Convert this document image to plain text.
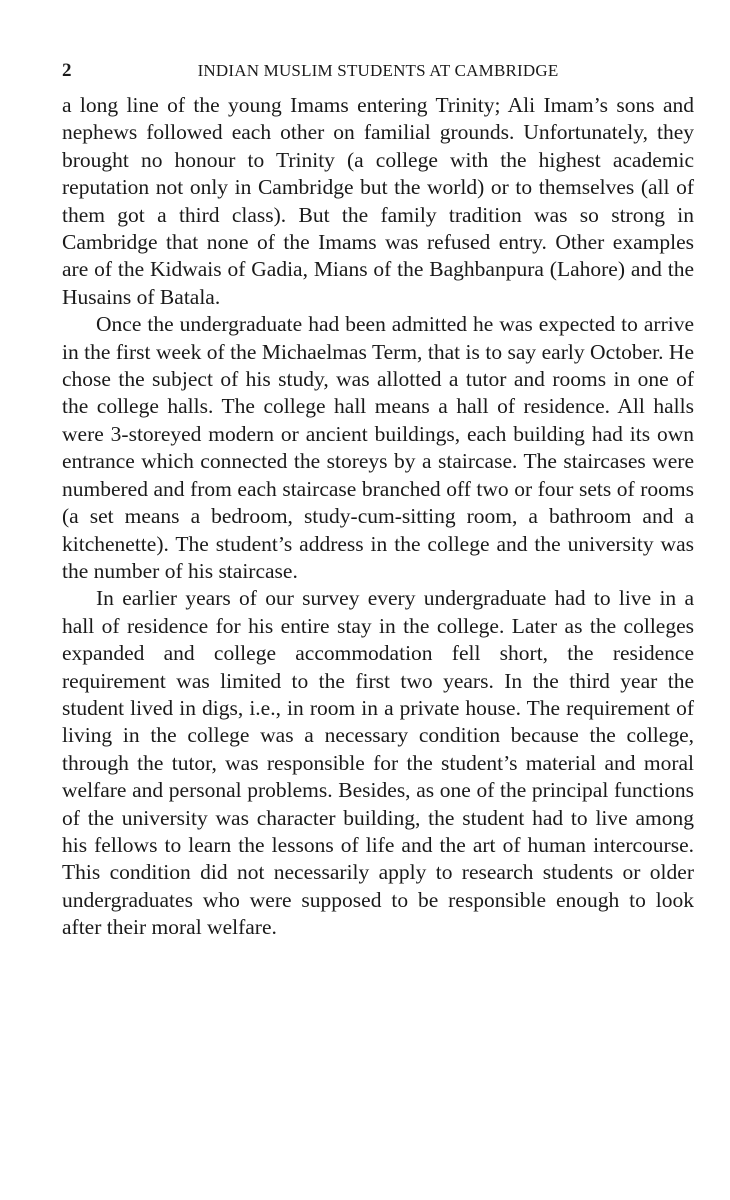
2	INDIAN MUSLIM STUDENTS AT CAMBRIDGE

a long line of the young Imams entering Trinity; Ali Imam’s sons and nephews followed each other on familial grounds. Unfortunately, they brought no honour to Trinity (a college with the highest academic reputation not only in Cambridge but the world) or to themselves (all of them got a third class). But the family tradition was so strong in Cambridge that none of the Imams was refused entry. Other examples are of the Kidwais of Gadia, Mians of the Baghbanpura (Lahore) and the Husains of Batala.

Once the undergraduate had been admitted he was expected to arrive in the first week of the Michaelmas Term, that is to say early October. He chose the subject of his study, was allotted a tutor and rooms in one of the college halls. The college hall means a hall of residence. All halls were 3-storeyed modern or ancient buildings, each building had its own entrance which connected the storeys by a staircase. The staircases were numbered and from each staircase branched off two or four sets of rooms (a set means a bedroom, study-cum-sitting room, a bathroom and a kitchenette). The student’s address in the college and the university was the number of his staircase.

In earlier years of our survey every undergraduate had to live in a hall of residence for his entire stay in the college. Later as the colleges expanded and college accommodation fell short, the residence requirement was limited to the first two years. In the third year the student lived in digs, i.e., in room in a private house. The requirement of living in the college was a necessary condition because the college, through the tutor, was responsible for the student’s material and moral welfare and personal problems. Besides, as one of the principal functions of the university was character building, the student had to live among his fellows to learn the lessons of life and the art of human intercourse. This condition did not necessarily apply to research students or older undergraduates who were supposed to be responsible enough to look after their moral welfare.
